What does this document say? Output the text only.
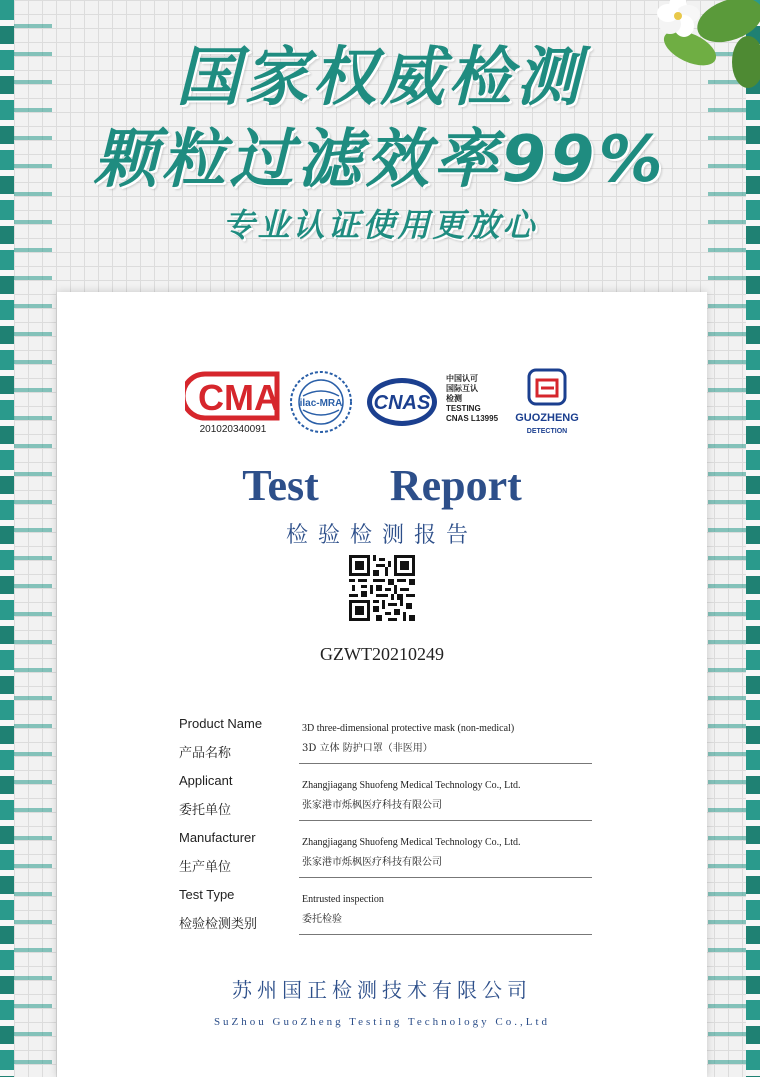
国家权威检测
颗粒过滤效率99%
专业认证使用更放心
CMA
201020340091
ilac-MRA CNAS
中国认可
国际互认
检测
TESTING
CNAS L13995 GUOZHENG
DETECTION
Test Report
检验检测报告
GZWT20210249
Product Name
产品名称
3D three-dimensional protective mask (non-medical)
3D 立体 防护口罩（非医用）
Applicant
委托单位
Zhangjiagang Shuofeng Medical Technology Co., Ltd.
张家港市烁枫医疗科技有限公司
Manufacturer
生产单位
Zhangjiagang Shuofeng Medical Technology Co., Ltd.
张家港市烁枫医疗科技有限公司
Test Type
检验检测类别
Entrusted inspection
委托检验
苏州国正检测技术有限公司
SuZhou GuoZheng Testing Technology Co.,Ltd
